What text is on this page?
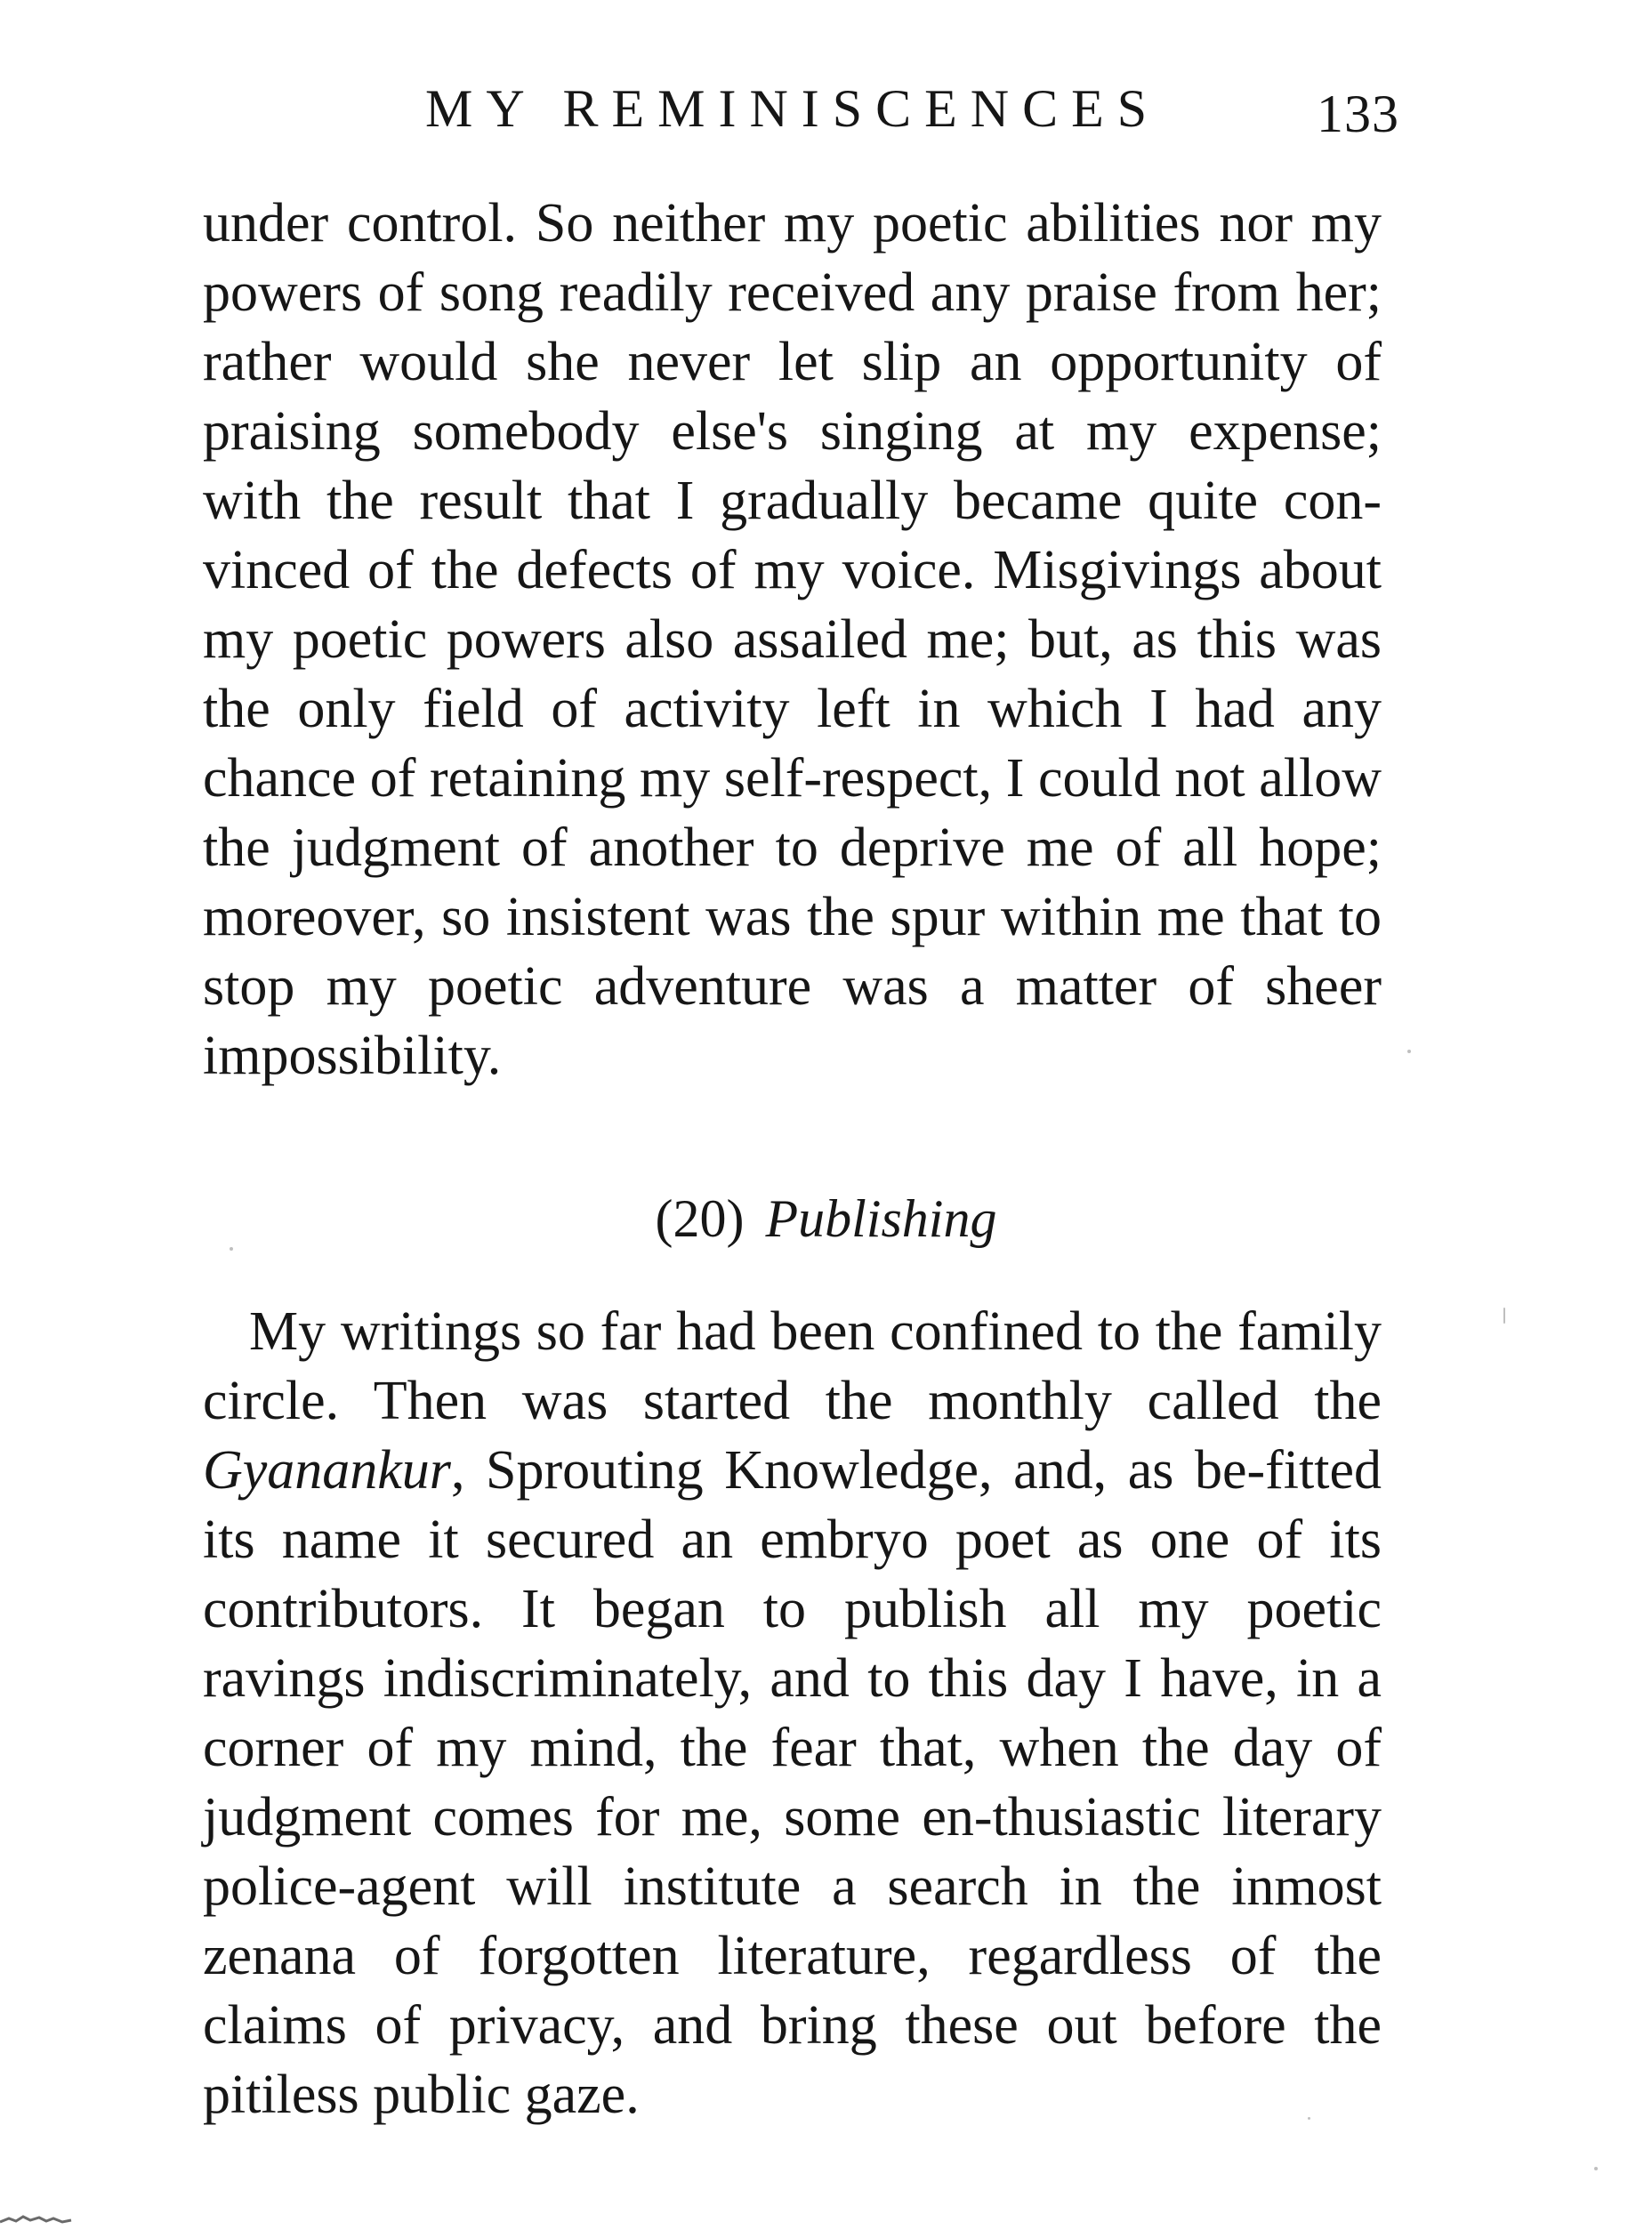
MY REMINISCENCES	133

under control. So neither my poetic abilities nor my powers of song readily received any praise from her; rather would she never let slip an opportunity of praising somebody else's singing at my expense; with the result that I gradually became quite con-vinced of the defects of my voice. Misgivings about my poetic powers also assailed me; but, as this was the only field of activity left in which I had any chance of retaining my self-respect, I could not allow the judgment of another to deprive me of all hope; moreover, so insistent was the spur within me that to stop my poetic adventure was a matter of sheer impossibility.

(20) Publishing

My writings so far had been confined to the family circle. Then was started the monthly called the Gyanankur, Sprouting Knowledge, and, as be-fitted its name it secured an embryo poet as one of its contributors. It began to publish all my poetic ravings indiscriminately, and to this day I have, in a corner of my mind, the fear that, when the day of judgment comes for me, some en-thusiastic literary police-agent will institute a search in the inmost zenana of forgotten literature, regardless of the claims of privacy, and bring these out before the pitiless public gaze.
